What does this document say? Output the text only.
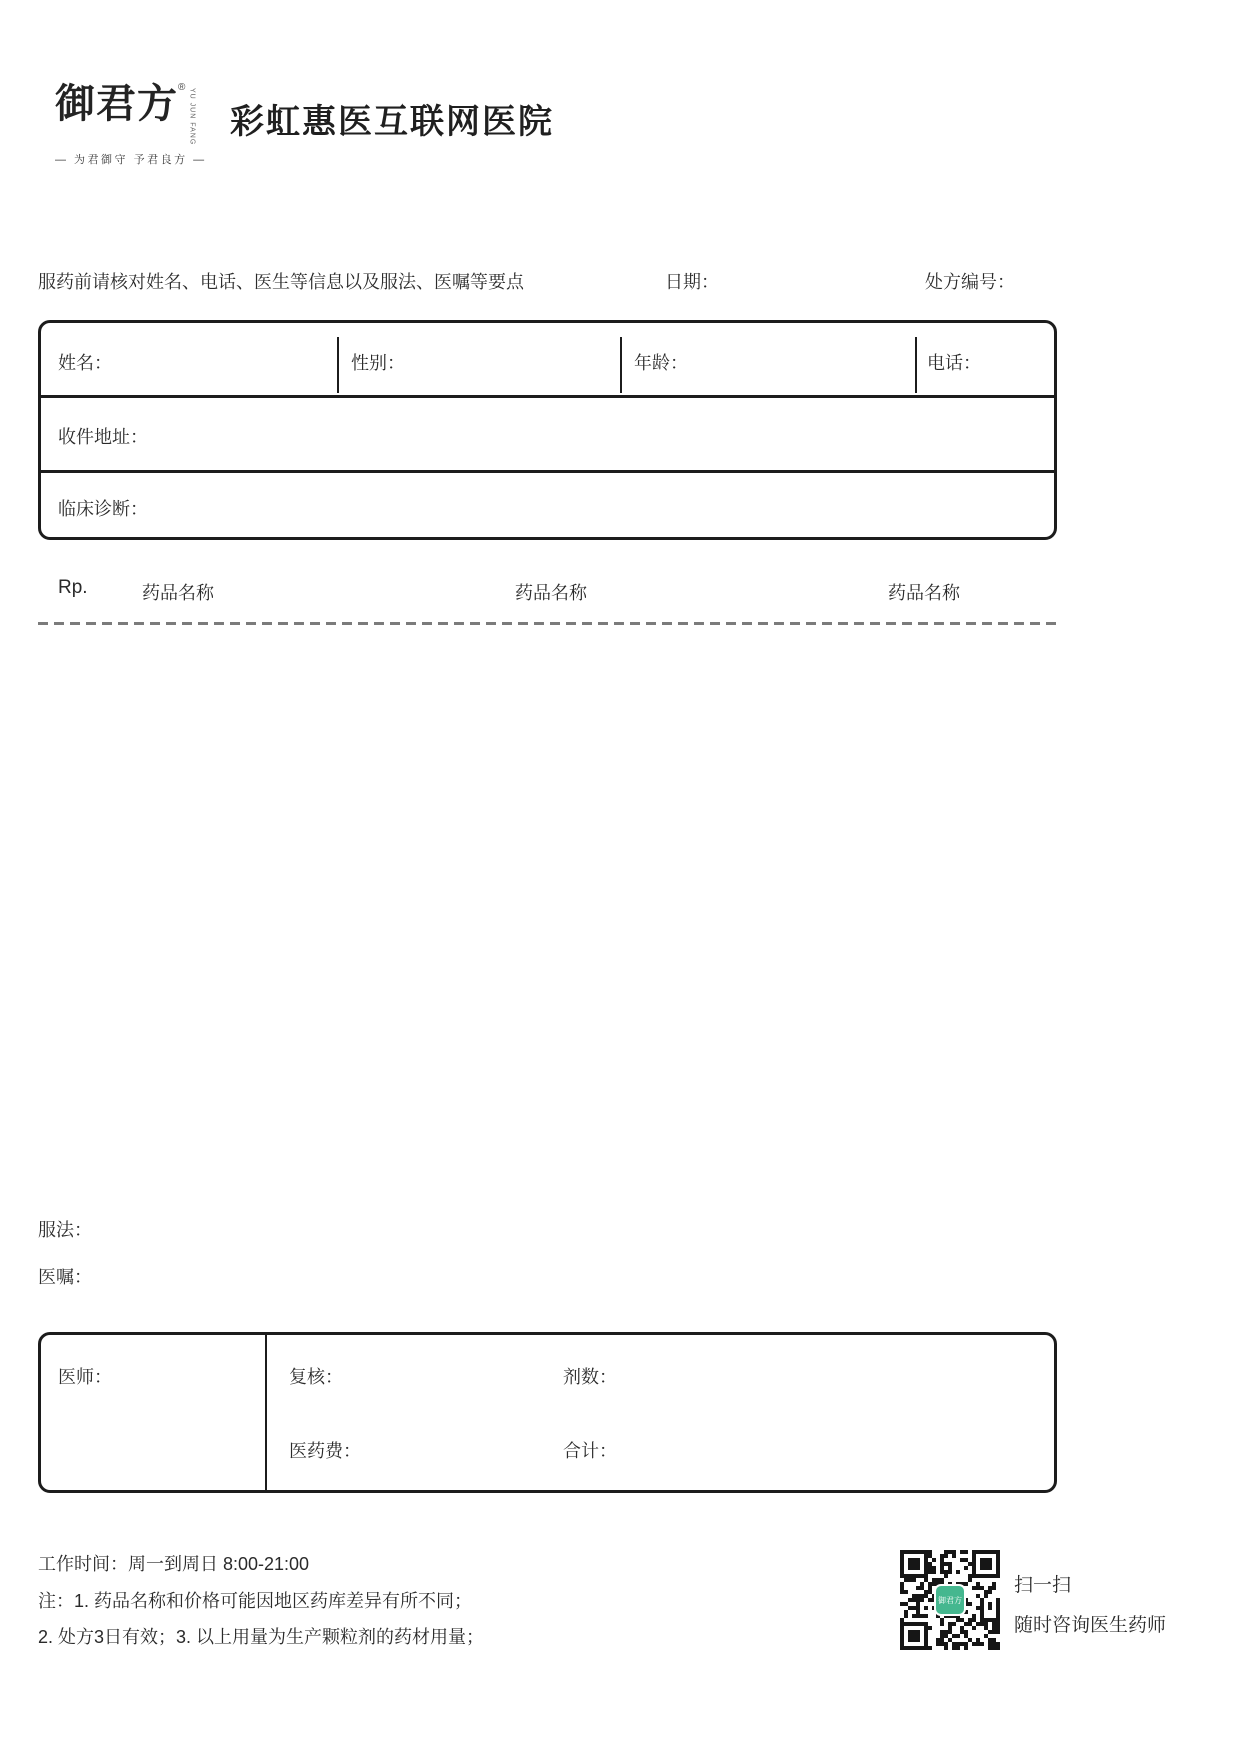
御君方 ®
YU JUN FANG
— 为君御守 予君良方 —
彩虹惠医互联网医院
服药前请核对姓名、电话、医生等信息以及服法、医嘱等要点	日期：	处方编号：
姓名：	性别：	年龄：	电话：
收件地址：
临床诊断：
Rp.	药品名称	药品名称	药品名称
服法：
医嘱：
医师：	复核：	剂数：
医药费：	合计：
工作时间：周一到周日 8:00-21:00
注：1. 药品名称和价格可能因地区药库差异有所不同；
2. 处方3日有效；3. 以上用量为生产颗粒剂的药材用量；
御君方
扫一扫
随时咨询医生药师
